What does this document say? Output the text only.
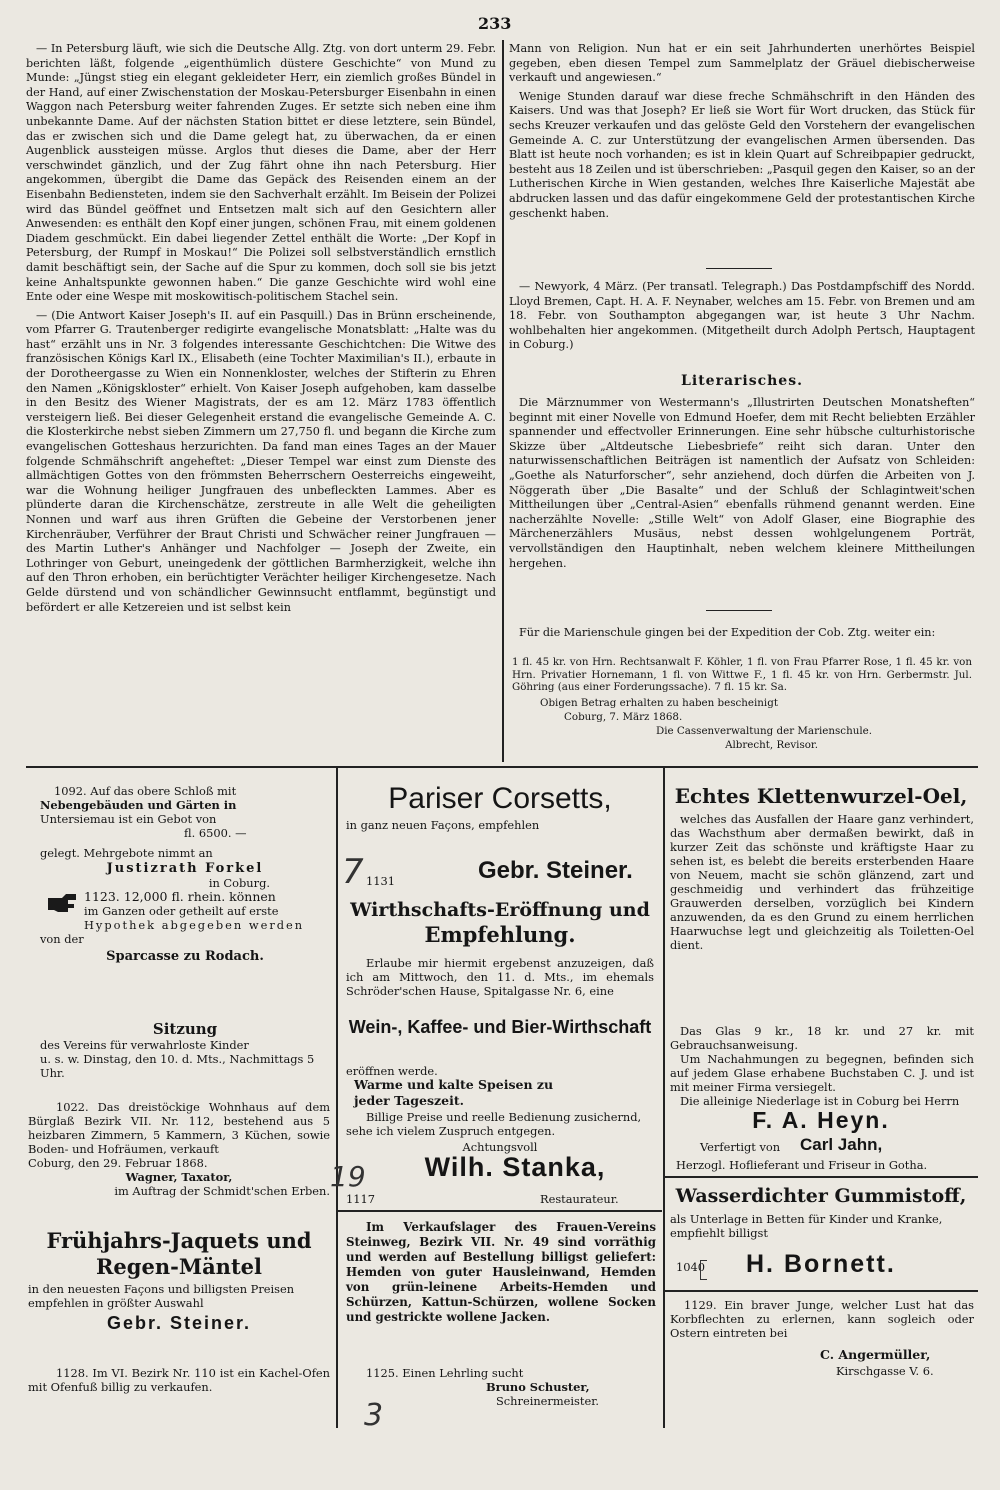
233

— In Petersburg läuft, wie sich die Deutsche Allg. Ztg. von dort unterm 29. Febr. berichten läßt, folgende „eigenthümlich düstere Geschichte“ von Mund zu Munde: „Jüngst stieg ein elegant gekleideter Herr, ein ziemlich großes Bündel in der Hand, auf einer Zwischenstation der Moskau-Petersburger Eisenbahn in einen Waggon nach Petersburg weiter fahrenden Zuges. Er setzte sich neben eine ihm unbekannte Dame. Auf der nächsten Station bittet er diese letztere, sein Bündel, das er zwischen sich und die Dame gelegt hat, zu überwachen, da er einen Augenblick aussteigen müsse. Arglos thut dieses die Dame, aber der Herr verschwindet gänzlich, und der Zug fährt ohne ihn nach Petersburg. Hier angekommen, übergibt die Dame das Gepäck des Reisenden einem an der Eisenbahn Bediensteten, indem sie den Sachverhalt erzählt. Im Beisein der Polizei wird das Bündel geöffnet und Entsetzen malt sich auf den Gesichtern aller Anwesenden: es enthält den Kopf einer jungen, schönen Frau, mit einem goldenen Diadem geschmückt. Ein dabei liegender Zettel enthält die Worte: „Der Kopf in Petersburg, der Rumpf in Moskau!“ Die Polizei soll selbstverständlich ernstlich damit beschäftigt sein, der Sache auf die Spur zu kommen, doch soll sie bis jetzt keine Anhaltspunkte gewonnen haben.“ Die ganze Geschichte wird wohl eine Ente oder eine Wespe mit moskowitisch-politischem Stachel sein.

— (Die Antwort Kaiser Joseph's II. auf ein Pasquill.) Das in Brünn erscheinende, vom Pfarrer G. Trautenberger redigirte evangelische Monatsblatt: „Halte was du hast“ erzählt uns in Nr. 3 folgendes interessante Geschichtchen: Die Witwe des französischen Königs Karl IX., Elisabeth (eine Tochter Maximilian's II.), erbaute in der Dorotheergasse zu Wien ein Nonnenkloster, welches der Stifterin zu Ehren den Namen „Königskloster“ erhielt. Von Kaiser Joseph aufgehoben, kam dasselbe in den Besitz des Wiener Magistrats, der es am 12. März 1783 öffentlich versteigern ließ. Bei dieser Gelegenheit erstand die evangelische Gemeinde A. C. die Klosterkirche nebst sieben Zimmern um 27,750 fl. und begann die Kirche zum evangelischen Gotteshaus herzurichten. Da fand man eines Tages an der Mauer folgende Schmähschrift angeheftet: „Dieser Tempel war einst zum Dienste des allmächtigen Gottes von den frömmsten Beherrschern Oesterreichs eingeweiht, war die Wohnung heiliger Jungfrauen des unbefleckten Lammes. Aber es plünderte daran die Kirchenschätze, zerstreute in alle Welt die geheiligten Nonnen und warf aus ihren Grüften die Gebeine der Verstorbenen jener Kirchenräuber, Verführer der Braut Christi und Schwächer reiner Jungfrauen — des Martin Luther's Anhänger und Nachfolger — Joseph der Zweite, ein Lothringer von Geburt, uneingedenk der göttlichen Barmherzigkeit, welche ihn auf den Thron erhoben, ein berüchtigter Verächter heiliger Kirchengesetze. Nach Gelde dürstend und von schändlicher Gewinnsucht entflammt, begünstigt und befördert er alle Ketzereien und ist selbst kein

Mann von Religion. Nun hat er ein seit Jahrhunderten unerhörtes Beispiel gegeben, eben diesen Tempel zum Sammelplatz der Gräuel diebischerweise verkauft und angewiesen.“

Wenige Stunden darauf war diese freche Schmähschrift in den Händen des Kaisers. Und was that Joseph? Er ließ sie Wort für Wort drucken, das Stück für sechs Kreuzer verkaufen und das gelöste Geld den Vorstehern der evangelischen Gemeinde A. C. zur Unterstützung der evangelischen Armen übersenden. Das Blatt ist heute noch vorhanden; es ist in klein Quart auf Schreibpapier gedruckt, besteht aus 18 Zeilen und ist überschrieben: „Pasquil gegen den Kaiser, so an der Lutherischen Kirche in Wien gestanden, welches Ihre Kaiserliche Majestät abe abdrucken lassen und das dafür eingekommene Geld der protestantischen Kirche geschenkt haben.

— Newyork, 4 März. (Per transatl. Telegraph.) Das Postdampfschiff des Nordd. Lloyd Bremen, Capt. H. A. F. Neynaber, welches am 15. Febr. von Bremen und am 18. Febr. von Southampton abgegangen war, ist heute 3 Uhr Nachm. wohlbehalten hier angekommen. (Mitgetheilt durch Adolph Pertsch, Hauptagent in Coburg.)

Literarisches.

Die Märznummer von Westermann's „Illustrirten Deutschen Monatsheften“ beginnt mit einer Novelle von Edmund Hoefer, dem mit Recht beliebten Erzähler spannender und effectvoller Erinnerungen. Eine sehr hübsche culturhistorische Skizze über „Altdeutsche Liebesbriefe“ reiht sich daran. Unter den naturwissenschaftlichen Beiträgen ist namentlich der Aufsatz von Schleiden: „Goethe als Naturforscher“, sehr anziehend, doch dürfen die Arbeiten von J. Nöggerath über „Die Basalte“ und der Schluß der Schlagintweit'schen Mittheilungen über „Central-Asien“ ebenfalls rühmend genannt werden. Eine nacherzählte Novelle: „Stille Welt“ von Adolf Glaser, eine Biographie des Märchenerzählers Musäus, nebst dessen wohlgelungenem Porträt, vervollständigen den Hauptinhalt, neben welchem kleinere Mittheilungen hergehen.

Für die Marienschule gingen bei der Expedition der Cob. Ztg. weiter ein:

1 fl. 45 kr. von Hrn. Rechtsanwalt F. Köhler, 1 fl. von Frau Pfarrer Rose, 1 fl. 45 kr. von Hrn. Privatier Hornemann, 1 fl. von Wittwe F., 1 fl. 45 kr. von Hrn. Gerbermstr. Jul. Göhring (aus einer Forderungssache). 7 fl. 15 kr. Sa.
Obigen Betrag erhalten zu haben bescheinigt
Coburg, 7. März 1868.
Die Cassenverwaltung der Marienschule.
Albrecht, Revisor.

1092. Auf das obere Schloß mit

Nebengebäuden und Gärten in

Untersiemau ist ein Gebot von

fl. 6500. —

gelegt. Mehrgebote nimmt an

Justizrath Forkel

in Coburg.

1123. 12,000 fl. rhein. können

im Ganzen oder getheilt auf erste

Hypothek abgegeben werden

von der

Sparcasse zu Rodach.

Sitzung

des Vereins für verwahrloste Kinder

u. s. w. Dinstag, den 10. d. Mts., Nachmittags 5 Uhr.

1022. Das dreistöckige Wohnhaus auf dem Bürglaß Bezirk VII. Nr. 112, bestehend aus 5 heizbaren Zimmern, 5 Kammern, 3 Küchen, sowie Boden- und Hofräumen, verkauft

Coburg, den 29. Februar 1868.

Wagner, Taxator,

im Auftrag der Schmidt'schen Erben.

Frühjahrs-Jaquets und

Regen-Mäntel

in den neuesten Façons und billigsten Preisen empfehlen in größter Auswahl

Gebr. Steiner.

1128. Im VI. Bezirk Nr. 110 ist ein Kachel-Ofen mit Ofenfuß billig zu verkaufen.

Pariser Corsetts,

in ganz neuen Façons, empfehlen

1131	Gebr. Steiner.

Wirthschafts-Eröffnung und

Empfehlung.

Erlaube mir hiermit ergebenst anzuzeigen, daß ich am Mittwoch, den 11. d. Mts., im ehemals Schröder'schen Hause, Spitalgasse Nr. 6, eine
Wein-, Kaffee- und Bier-Wirthschaft
eröffnen werde.
Warme und kalte Speisen zu
jeder Tageszeit.
Billige Preise und reelle Bedienung zusichernd, sehe ich vielem Zuspruch entgegen.
Achtungsvoll
Wilh. Stanka,
1117	Restaurateur.
Im Verkaufslager des Frauen-Vereins Steinweg, Bezirk VII. Nr. 49 sind vorräthig und werden auf Bestellung billigst geliefert: Hemden von guter Hausleinwand, Hemden von grün-leinene Arbeits-Hemden und Schürzen, Kattun-Schürzen, wollene Socken und gestrickte wollene Jacken.

1125. Einen Lehrling sucht

Bruno Schuster,

Schreinermeister.

Echtes Klettenwurzel-Oel,
welches das Ausfallen der Haare ganz verhindert, das Wachsthum aber dermaßen bewirkt, daß in kurzer Zeit das schönste und kräftigste Haar zu sehen ist, es belebt die bereits ersterbenden Haare von Neuem, macht sie schön glänzend, zart und geschmeidig und verhindert das frühzeitige Grauwerden derselben, vorzüglich bei Kindern anzuwenden, da es den Grund zu einem herrlichen Haarwuchse legt und gleichzeitig als Toiletten-Oel dient.
Das Glas 9 kr., 18 kr. und 27 kr. mit Gebrauchsanweisung.
Um Nachahmungen zu begegnen, befinden sich auf jedem Glase erhabene Buchstaben C. J. und ist mit meiner Firma versiegelt.
Die alleinige Niederlage ist in Coburg bei Herrn
F. A. Heyn.
Verfertigt von Carl Jahn,
Herzogl. Hoflieferant und Friseur in Gotha.
Wasserdichter Gummistoff,
als Unterlage in Betten für Kinder und Kranke, empfiehlt billigst
1040 H. Bornett.
1129. Ein braver Junge, welcher Lust hat das Korbflechten zu erlernen, kann sogleich oder Ostern eintreten bei
C. Angermüller,
Kirschgasse V. 6.
7
19
3
